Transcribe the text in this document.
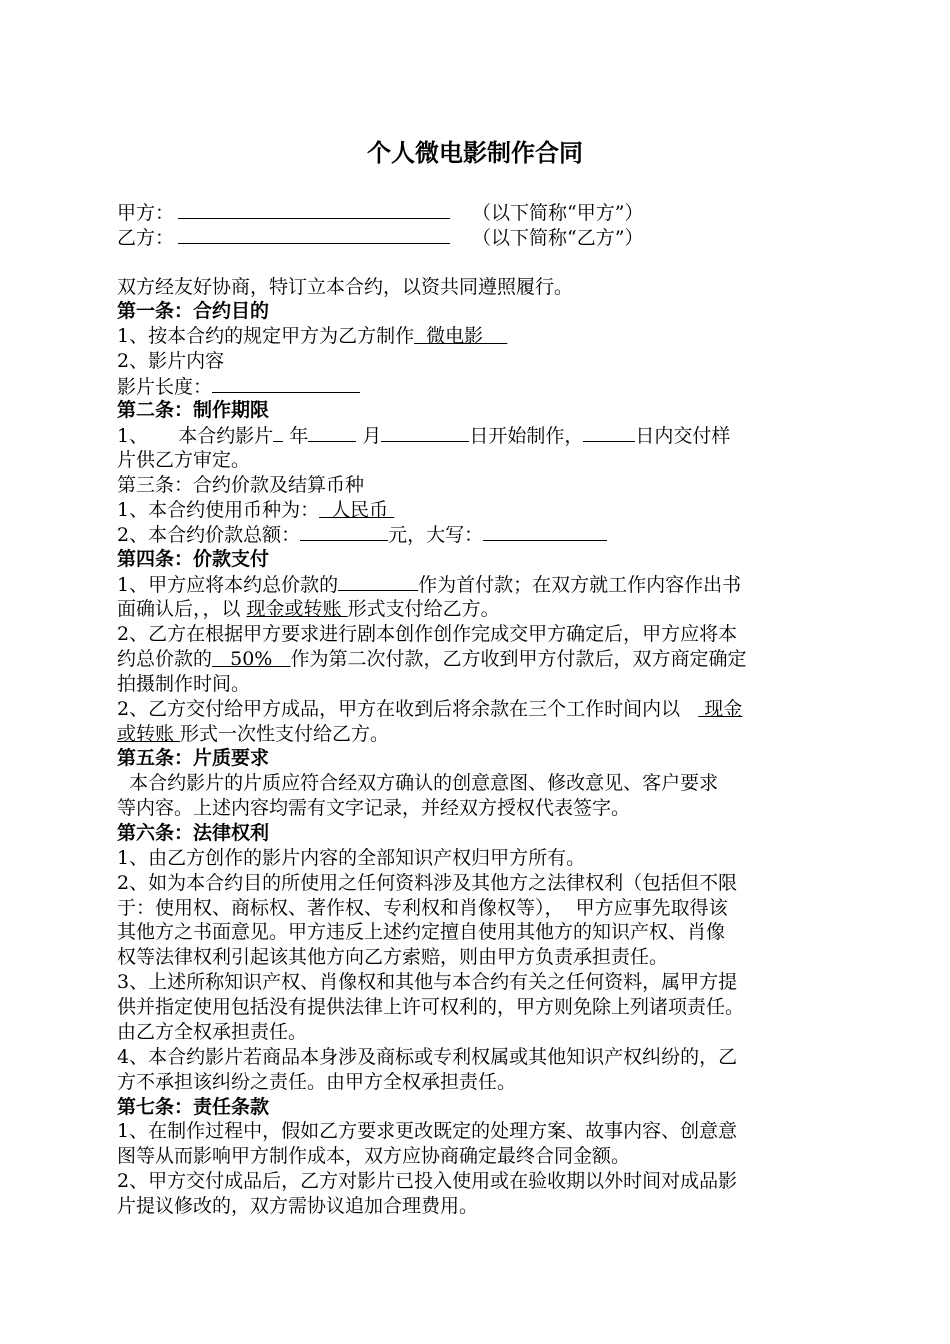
个人微电影制作合同
甲方：	（以下简称“甲方”）
乙方：	（以下简称“乙方”）
双方经友好协商，特订立本合约，以资共同遵照履行。
第一条：合约目的
1、按本合约的规定甲方为乙方制作  微电影
2、影片内容
影片长度：
第二条：制作期限
1、     本合约影片 年	月	日开始制作，	日内交付样
片供乙方审定。
第三条：合约价款及结算币种
1、本合约使用币种为：  人民币
2、本合约价款总额：	元，大写：
第四条：价款支付
1、甲方应将本约总价款的	作为首付款；在双方就工作内容作出书
面确认后，，以 现金或转账 形式支付给乙方。
2、乙方在根据甲方要求进行剧本创作创作完成交甲方确定后，甲方应将本
约总价款的   50%   作为第二次付款，乙方收到甲方付款后，双方商定确定
拍摄制作时间。
2、乙方交付给甲方成品，甲方在收到后将余款在三个工作时间内以    现金
或转账 形式一次性支付给乙方。
第五条：片质要求
本合约影片的片质应符合经双方确认的创意意图、修改意见、客户要求
等内容。上述内容均需有文字记录，并经双方授权代表签字。
第六条：法律权利
1、由乙方创作的影片内容的全部知识产权归甲方所有。
2、如为本合约目的所使用之任何资料涉及其他方之法律权利（包括但不限
于：使用权、商标权、著作权、专利权和肖像权等），  甲方应事先取得该
其他方之书面意见。甲方违反上述约定擅自使用其他方的知识产权、肖像
权等法律权利引起该其他方向乙方索赔，则由甲方负责承担责任。
3、上述所称知识产权、肖像权和其他与本合约有关之任何资料，属甲方提
供并指定使用包括没有提供法律上许可权利的，甲方则免除上列诸项责任。
由乙方全权承担责任。
4、本合约影片若商品本身涉及商标或专利权属或其他知识产权纠纷的，乙
方不承担该纠纷之责任。由甲方全权承担责任。
第七条：责任条款
1、在制作过程中，假如乙方要求更改既定的处理方案、故事内容、创意意
图等从而影响甲方制作成本，双方应协商确定最终合同金额。
2、甲方交付成品后，乙方对影片已投入使用或在验收期以外时间对成品影
片提议修改的，双方需协议追加合理费用。
